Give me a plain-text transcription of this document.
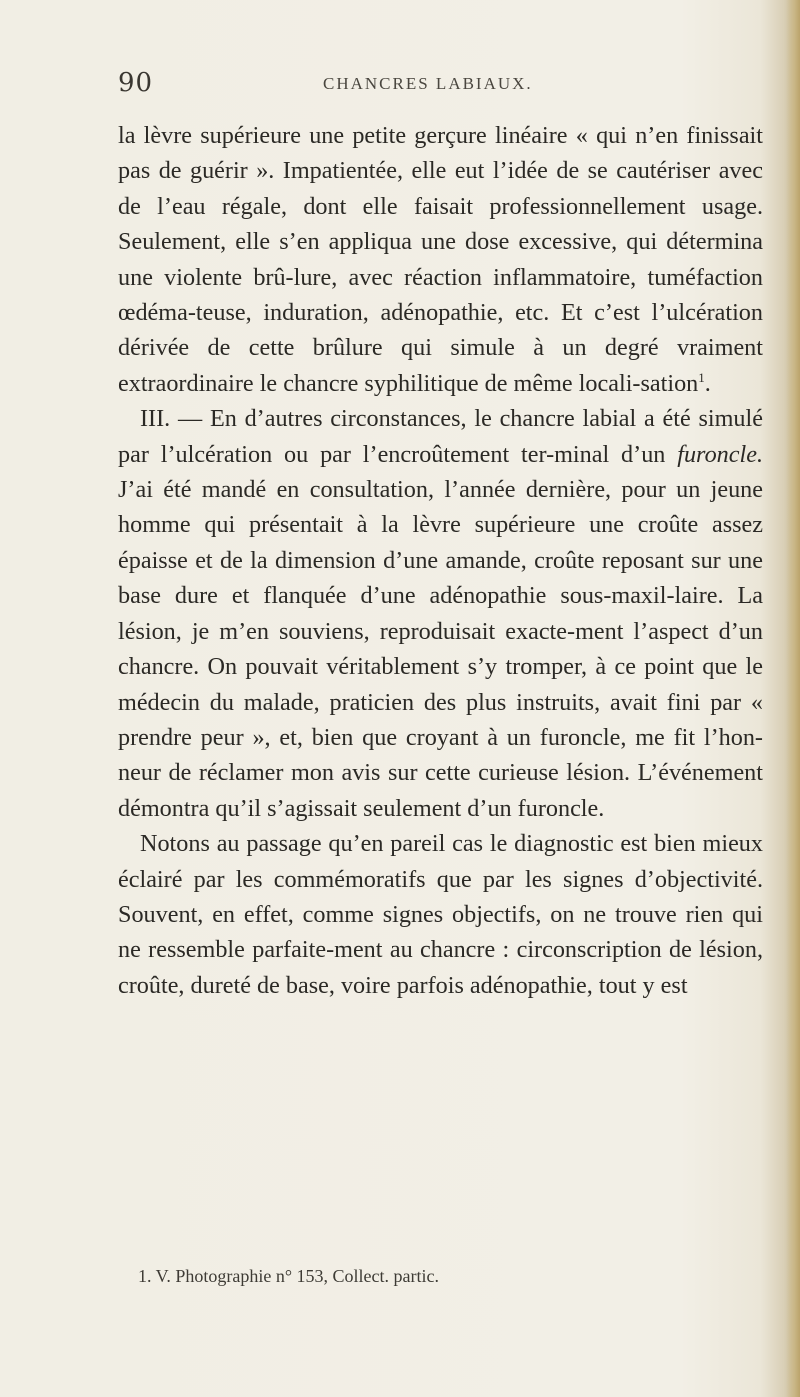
90	CHANCRES LABIAUX.

la lèvre supérieure une petite gerçure linéaire « qui n’en finissait pas de guérir ». Impatientée, elle eut l’idée de se cautériser avec de l’eau régale, dont elle faisait professionnellement usage. Seulement, elle s’en appliqua une dose excessive, qui détermina une violente brû-lure, avec réaction inflammatoire, tuméfaction œdéma-teuse, induration, adénopathie, etc. Et c’est l’ulcération dérivée de cette brûlure qui simule à un degré vraiment extraordinaire le chancre syphilitique de même locali-sation$^1$.

III. — En d’autres circonstances, le chancre labial a été simulé par l’ulcération ou par l’encroûtement ter-minal d’un furoncle. J’ai été mandé en consultation, l’année dernière, pour un jeune homme qui présentait à la lèvre supérieure une croûte assez épaisse et de la dimension d’une amande, croûte reposant sur une base dure et flanquée d’une adénopathie sous-maxil-laire. La lésion, je m’en souviens, reproduisait exacte-ment l’aspect d’un chancre. On pouvait véritablement s’y tromper, à ce point que le médecin du malade, praticien des plus instruits, avait fini par « prendre peur », et, bien que croyant à un furoncle, me fit l’hon-neur de réclamer mon avis sur cette curieuse lésion. L’événement démontra qu’il s’agissait seulement d’un furoncle.

Notons au passage qu’en pareil cas le diagnostic est bien mieux éclairé par les commémoratifs que par les signes d’objectivité. Souvent, en effet, comme signes objectifs, on ne trouve rien qui ne ressemble parfaite-ment au chancre : circonscription de lésion, croûte, dureté de base, voire parfois adénopathie, tout y est

1. V. Photographie n° 153, Collect. partic.
